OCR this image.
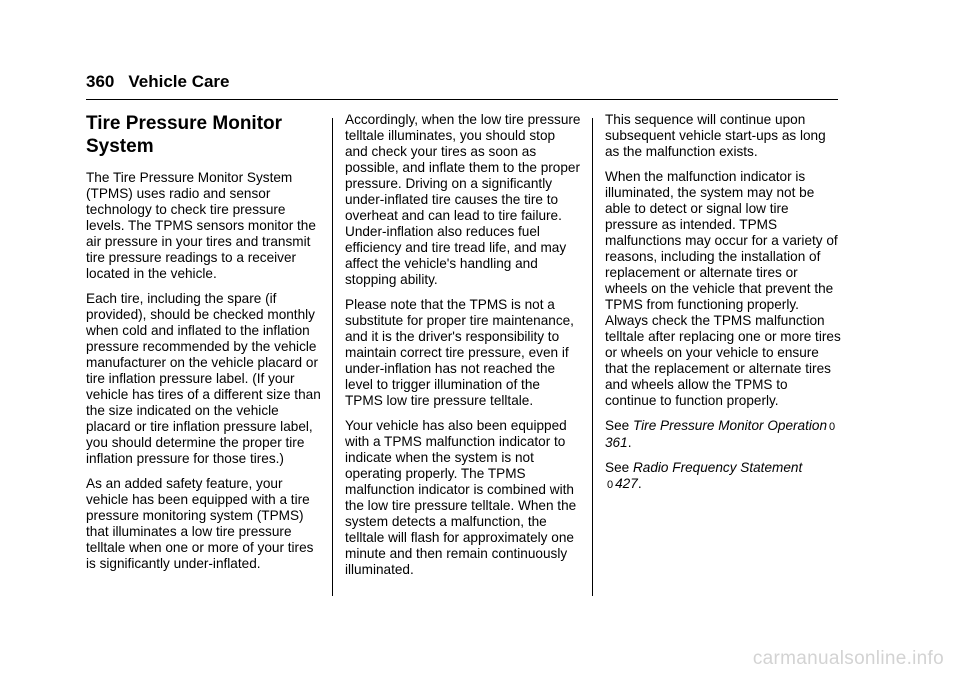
360 Vehicle Care
Tire Pressure Monitor System

The Tire Pressure Monitor System (TPMS) uses radio and sensor technology to check tire pressure levels. The TPMS sensors monitor the air pressure in your tires and transmit tire pressure readings to a receiver located in the vehicle.

Each tire, including the spare (if provided), should be checked monthly when cold and inflated to the inflation pressure recommended by the vehicle manufacturer on the vehicle placard or tire inflation pressure label. (If your vehicle has tires of a different size than the size indicated on the vehicle placard or tire inflation pressure label, you should determine the proper tire inflation pressure for those tires.)

As an added safety feature, your vehicle has been equipped with a tire pressure monitoring system (TPMS) that illuminates a low tire pressure telltale when one or more of your tires is significantly under-inflated.

Accordingly, when the low tire pressure telltale illuminates, you should stop and check your tires as soon as possible, and inflate them to the proper pressure. Driving on a significantly under-inflated tire causes the tire to overheat and can lead to tire failure. Under-inflation also reduces fuel efficiency and tire tread life, and may affect the vehicle's handling and stopping ability.

Please note that the TPMS is not a substitute for proper tire maintenance, and it is the driver's responsibility to maintain correct tire pressure, even if under-inflation has not reached the level to trigger illumination of the TPMS low tire pressure telltale.

Your vehicle has also been equipped with a TPMS malfunction indicator to indicate when the system is not operating properly. The TPMS malfunction indicator is combined with the low tire pressure telltale. When the system detects a malfunction, the telltale will flash for approximately one minute and then remain continuously illuminated.

This sequence will continue upon subsequent vehicle start-ups as long as the malfunction exists.

When the malfunction indicator is illuminated, the system may not be able to detect or signal low tire pressure as intended. TPMS malfunctions may occur for a variety of reasons, including the installation of replacement or alternate tires or wheels on the vehicle that prevent the TPMS from functioning properly. Always check the TPMS malfunction telltale after replacing one or more tires or wheels on your vehicle to ensure that the replacement or alternate tires and wheels allow the TPMS to continue to function properly.

See Tire Pressure Monitor Operation 0361.

See Radio Frequency Statement
0 427.

carmanualsonline.info
